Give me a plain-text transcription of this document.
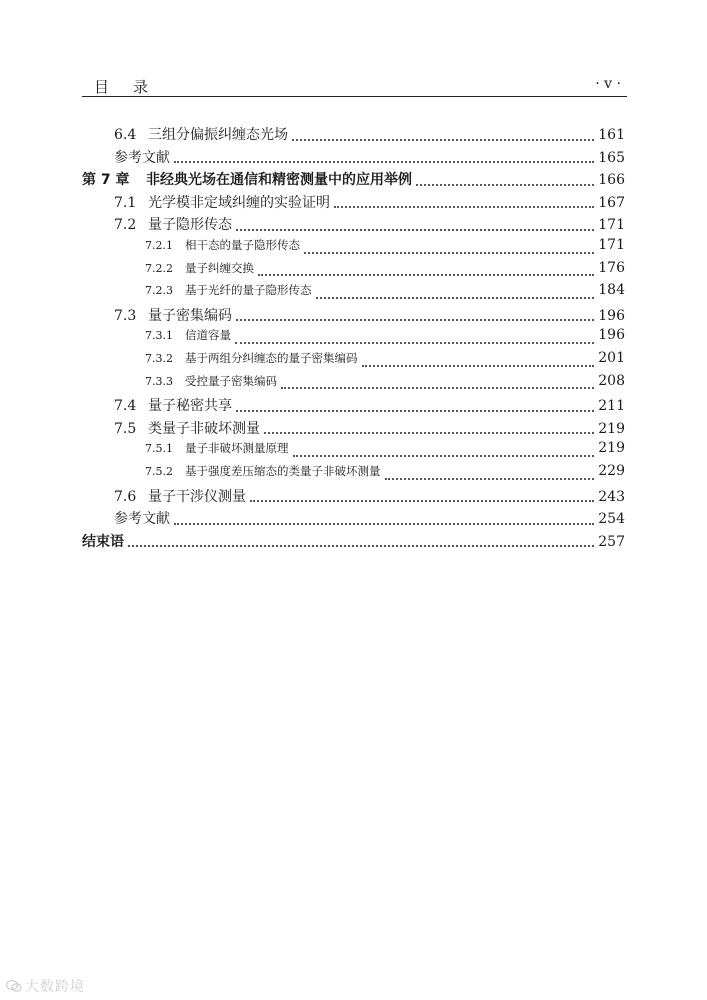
目录	· v ·
6.4 三组分偏振纠缠态光场	161
参考文献	165
第 7 章	非经典光场在通信和精密测量中的应用举例	166
7.1 光学模非定域纠缠的实验证明	167
7.2 量子隐形传态	171
7.2.1	相干态的量子隐形传态	171
7.2.2	量子纠缠交换	176
7.2.3	基于光纤的量子隐形传态	184
7.3 量子密集编码	196
7.3.1	信道容量	196
7.3.2	基于两组分纠缠态的量子密集编码	201
7.3.3	受控量子密集编码	208
7.4 量子秘密共享	211
7.5 类量子非破坏测量	219
7.5.1	量子非破坏测量原理	219
7.5.2	基于强度差压缩态的类量子非破坏测量	229
7.6 量子干涉仪测量	243
参考文献	254
结束语	257
大数跨境
